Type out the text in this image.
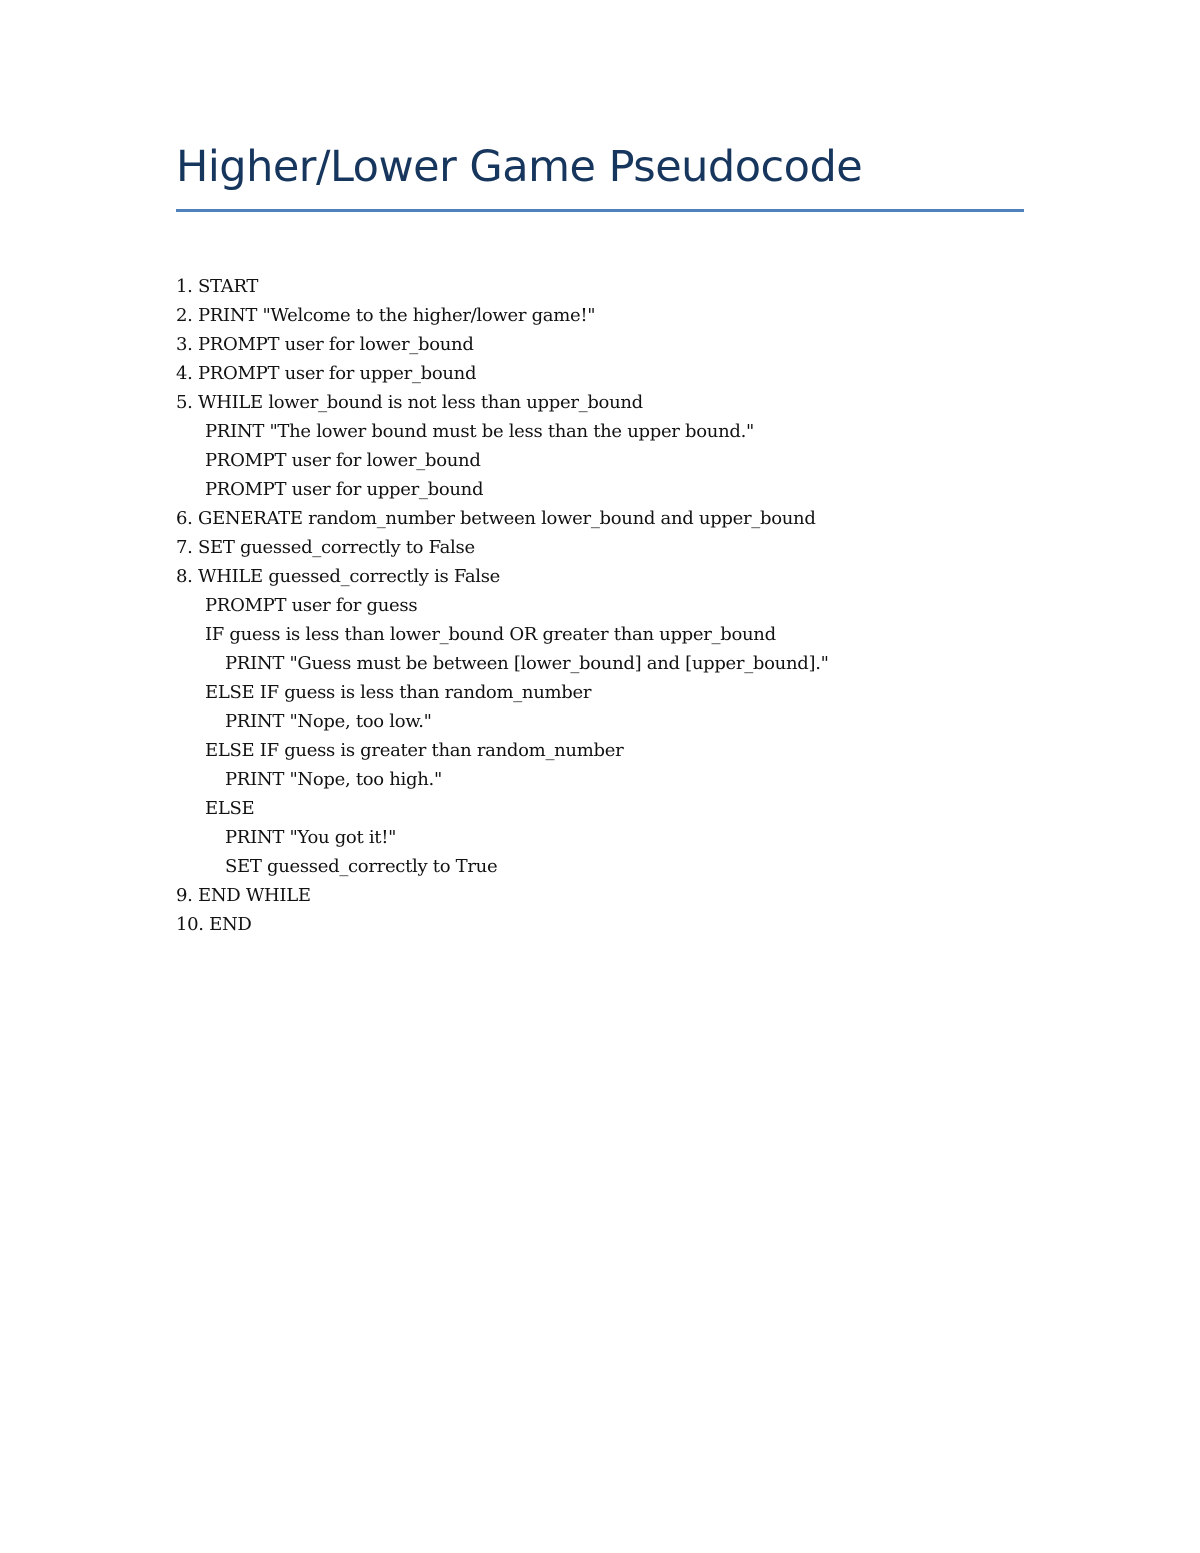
Higher/Lower Game Pseudocode
1. START
2. PRINT "Welcome to the higher/lower game!"
3. PROMPT user for lower_bound
4. PROMPT user for upper_bound
5. WHILE lower_bound is not less than upper_bound
PRINT "The lower bound must be less than the upper bound."
PROMPT user for lower_bound
PROMPT user for upper_bound
6. GENERATE random_number between lower_bound and upper_bound
7. SET guessed_correctly to False
8. WHILE guessed_correctly is False
PROMPT user for guess
IF guess is less than lower_bound OR greater than upper_bound
PRINT "Guess must be between [lower_bound] and [upper_bound]."
ELSE IF guess is less than random_number
PRINT "Nope, too low."
ELSE IF guess is greater than random_number
PRINT "Nope, too high."
ELSE
PRINT "You got it!"
SET guessed_correctly to True
9. END WHILE
10. END
